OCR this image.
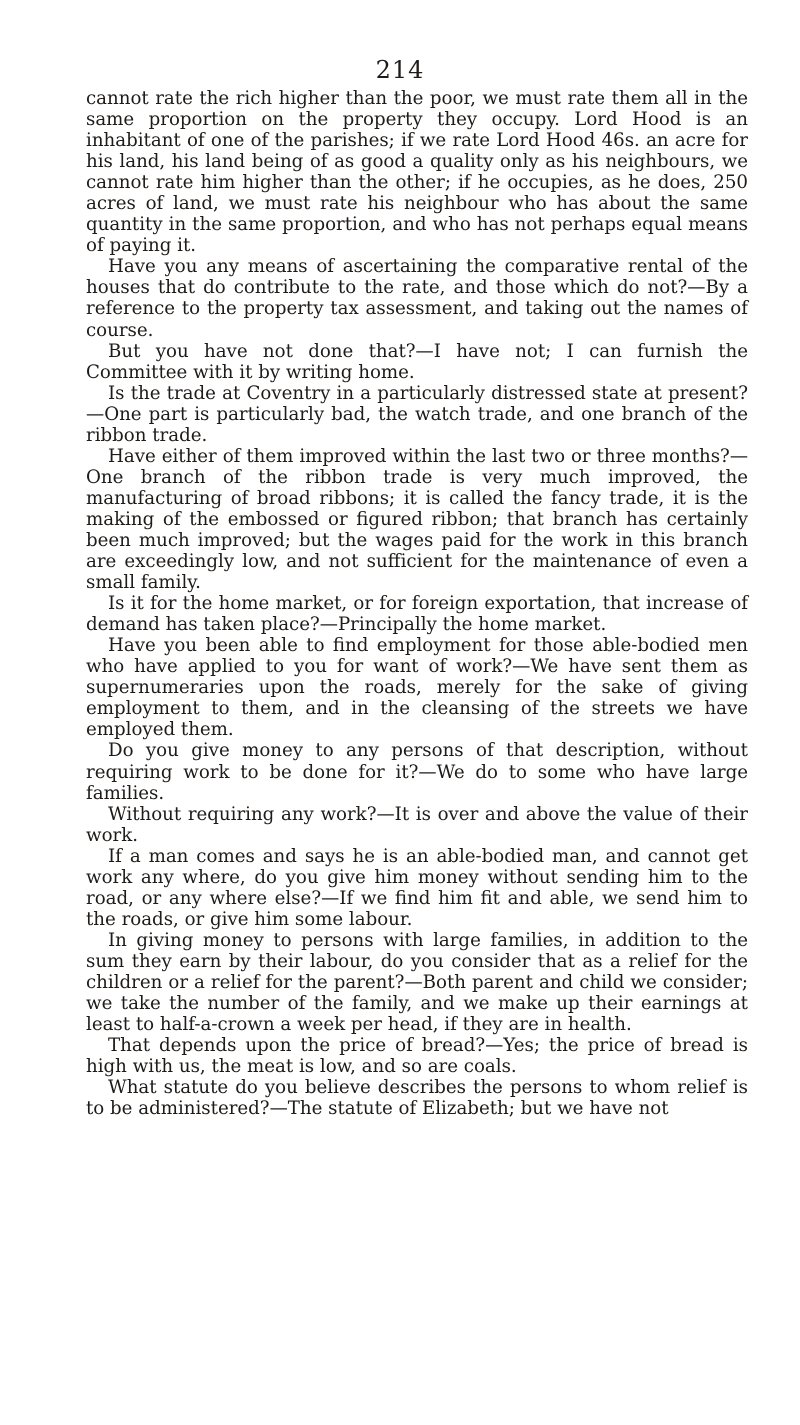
214

cannot rate the rich higher than the poor, we must rate them all in the same proportion on the property they occupy. Lord Hood is an inhabitant of one of the parishes; if we rate Lord Hood 46s. an acre for his land, his land being of as good a quality only as his neighbours, we cannot rate him higher than the other; if he occupies, as he does, 250 acres of land, we must rate his neighbour who has about the same quantity in the same proportion, and who has not perhaps equal means of paying it.

Have you any means of ascertaining the comparative rental of the houses that do contribute to the rate, and those which do not?—By a reference to the property tax assessment, and taking out the names of course.

But you have not done that?—I have not; I can furnish the Committee with it by writing home.

Is the trade at Coventry in a particularly distressed state at present?—One part is particularly bad, the watch trade, and one branch of the ribbon trade.

Have either of them improved within the last two or three months?—One branch of the ribbon trade is very much improved, the manufacturing of broad ribbons; it is called the fancy trade, it is the making of the embossed or figured ribbon; that branch has certainly been much improved; but the wages paid for the work in this branch are exceedingly low, and not sufficient for the maintenance of even a small family.

Is it for the home market, or for foreign exportation, that increase of demand has taken place?—Principally the home market.

Have you been able to find employment for those able-bodied men who have applied to you for want of work?—We have sent them as supernumeraries upon the roads, merely for the sake of giving employment to them, and in the cleansing of the streets we have employed them.

Do you give money to any persons of that description, without requiring work to be done for it?—We do to some who have large families.

Without requiring any work?—It is over and above the value of their work.

If a man comes and says he is an able-bodied man, and cannot get work any where, do you give him money without sending him to the road, or any where else?—If we find him fit and able, we send him to the roads, or give him some labour.

In giving money to persons with large families, in addition to the sum they earn by their labour, do you consider that as a relief for the children or a relief for the parent?—Both parent and child we consider; we take the number of the family, and we make up their earnings at least to half-a-crown a week per head, if they are in health.

That depends upon the price of bread?—Yes; the price of bread is high with us, the meat is low, and so are coals.

What statute do you believe describes the persons to whom relief is to be administered?—The statute of Elizabeth; but we have not
